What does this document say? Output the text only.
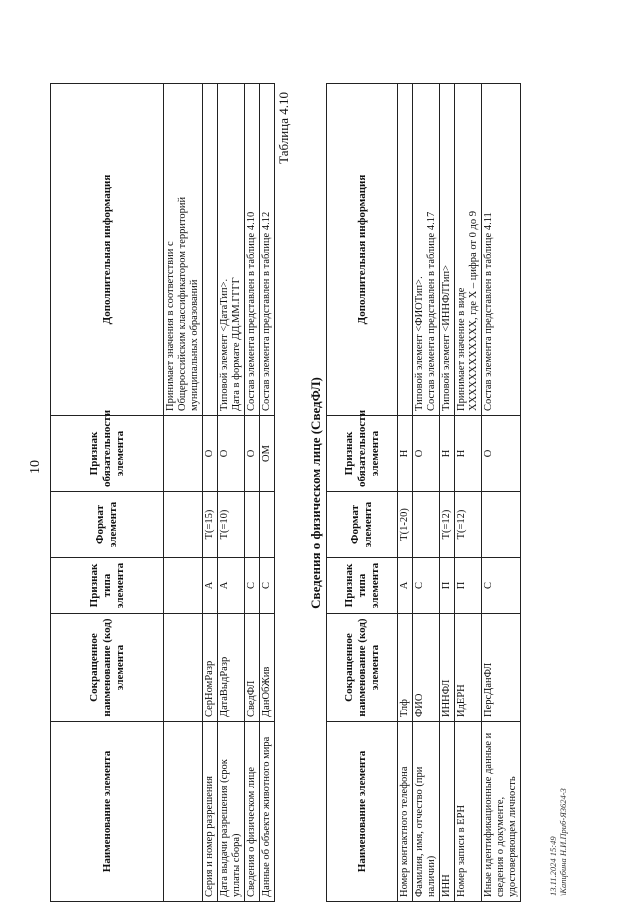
10
Наименование элемента	Сокращенное наименование (код) элемента	Признак типа элемента	Формат элемента	Признак обязательности элемента	Дополнительная информация

					Принимает значения в соответствии с Общероссийским классификатором территорий муниципальных образований

Серия и номер разрешения	СерНомРазр	А	T(=15)	О	

Дата выдачи разрешения (срок уплаты сбора)	ДатаВыдРазр	А	T(=10)	О	Типовой элемент <ДатаТип>. Дата в формате ДД.ММ.ГГГГ

Сведения о физическом лице	СведФЛ	С		О	Состав элемента представлен в таблице 4.10

Данные об объекте животного мира	ДанОбЖив	С		ОМ	Состав элемента представлен в таблице 4.12
Таблица 4.10
Сведения о физическом лице (СведФЛ)
Наименование элемента	Сокращенное наименование (код) элемента	Признак типа элемента	Формат элемента	Признак обязательности элемента	Дополнительная информация
Номер контактного телефона	Тлф	А	T(1-20)	Н	

Фамилия, имя, отчество (при наличии)	ФИО	С		О	Типовой элемент <ФИОТип>. Состав элемента представлен в таблице 4.17

ИНН	ИННФЛ	П	T(=12)	Н	Типовой элемент <ИННФЛТип>

Номер записи в ЕРН	ИдЕРН	П	T(=12)	Н	Принимает значение в виде XXXXXXXXXXXX, где X – цифра от 0 до 9

Иные идентификационные данные и сведения о документе, удостоверяющем личность	ПерсДанФЛ	С		О	Состав элемента представлен в таблице 4.11
13.11.2024 15:49 \Капцбина Н.И.Приб-Я3624-3
